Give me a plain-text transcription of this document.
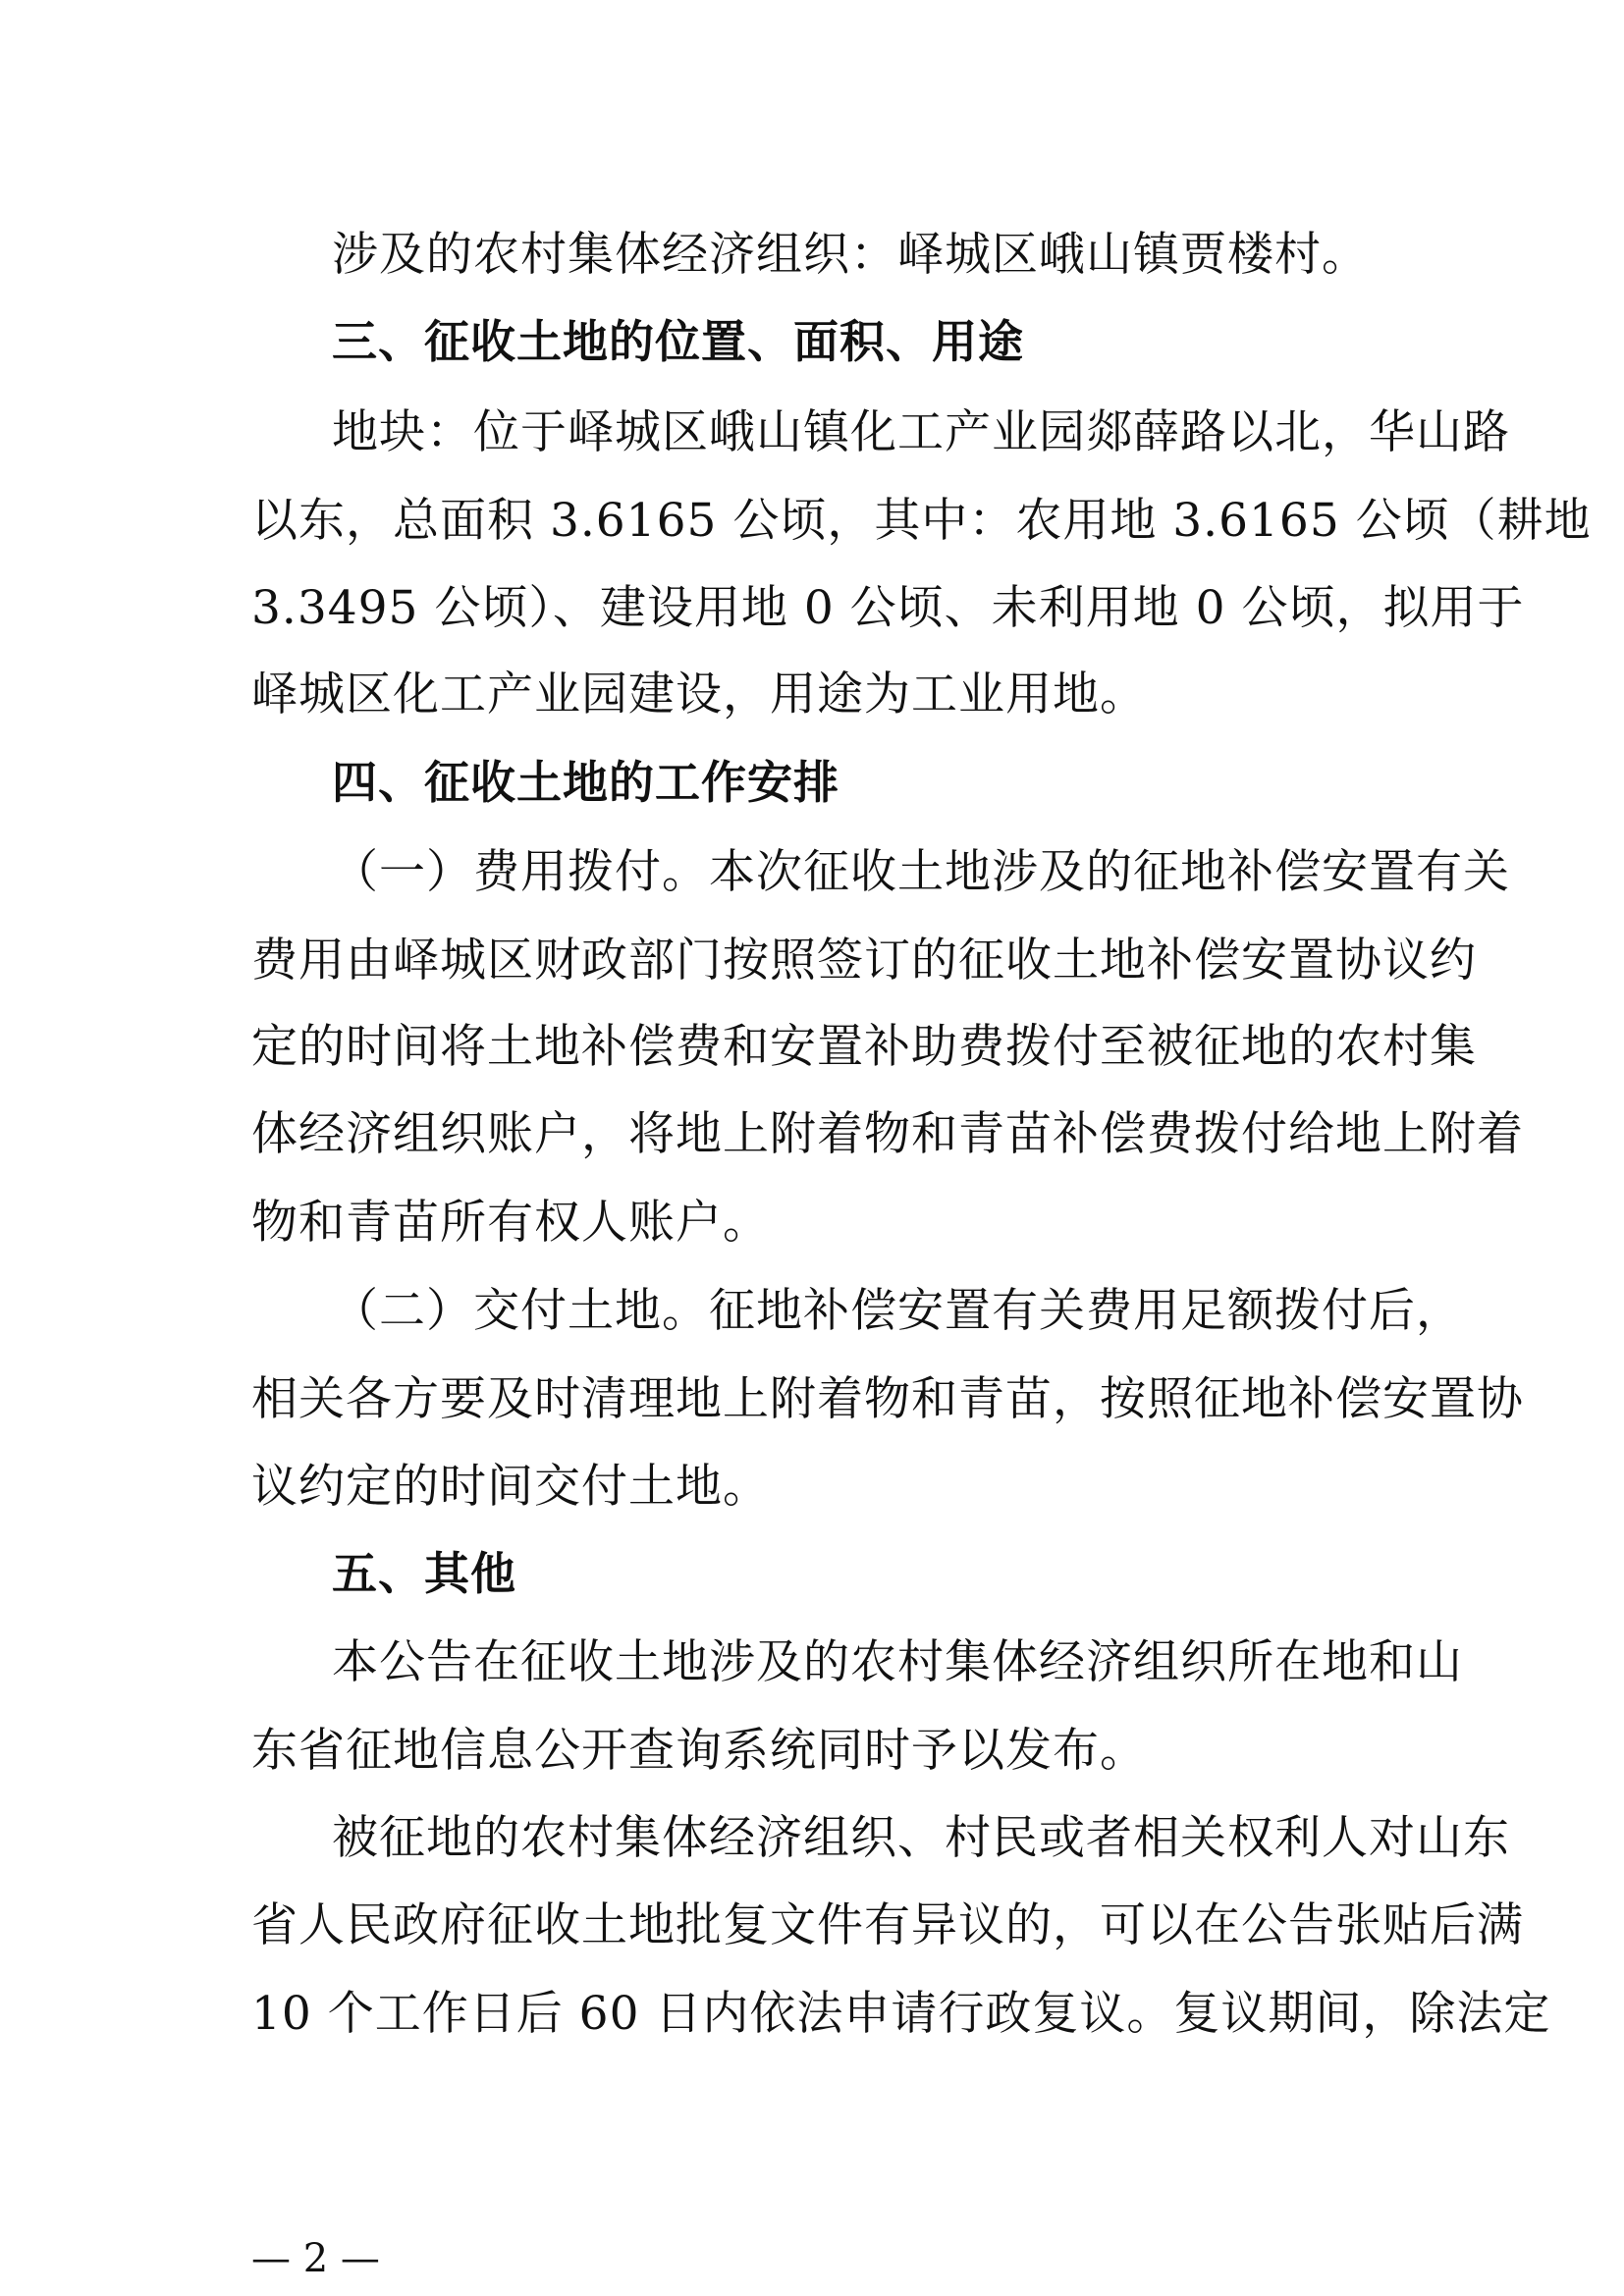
涉及的农村集体经济组织：峄城区峨山镇贾楼村。
三、征收土地的位置、面积、用途
地块：位于峄城区峨山镇化工产业园郯薛路以北，华山路
以东，总面积 3.6165 公顷，其中：农用地 3.6165 公顷（耕地
3.3495 公顷）、建设用地 0 公顷、未利用地 0 公顷，拟用于
峄城区化工产业园建设，用途为工业用地。
四、征收土地的工作安排
（一）费用拨付。本次征收土地涉及的征地补偿安置有关
费用由峄城区财政部门按照签订的征收土地补偿安置协议约
定的时间将土地补偿费和安置补助费拨付至被征地的农村集
体经济组织账户，将地上附着物和青苗补偿费拨付给地上附着
物和青苗所有权人账户。
（二）交付土地。征地补偿安置有关费用足额拨付后，
相关各方要及时清理地上附着物和青苗，按照征地补偿安置协
议约定的时间交付土地。
五、其他
本公告在征收土地涉及的农村集体经济组织所在地和山
东省征地信息公开查询系统同时予以发布。
被征地的农村集体经济组织、村民或者相关权利人对山东
省人民政府征收土地批复文件有异议的，可以在公告张贴后满
10 个工作日后 60 日内依法申请行政复议。复议期间，除法定
— 2 —
